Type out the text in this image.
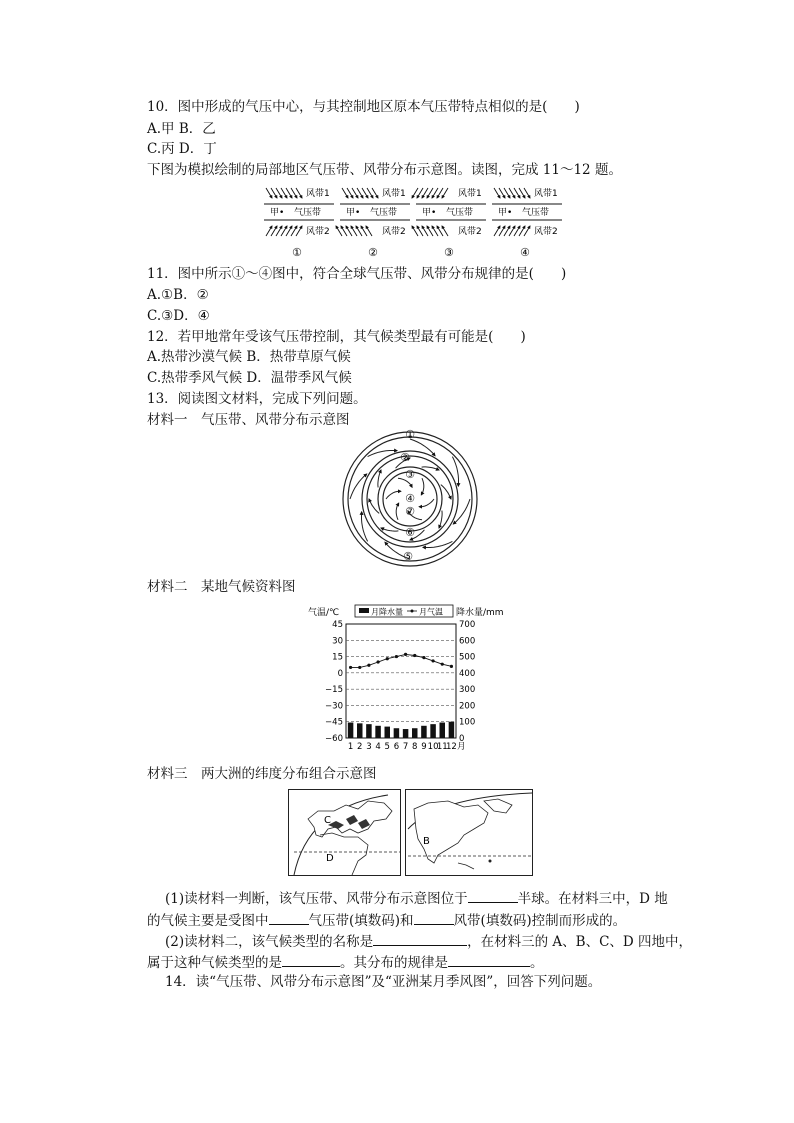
10．图中形成的气压中心，与其控制地区原本气压带特点相似的是(　　)
A.甲 B．乙
C.丙 D．丁
下图为模拟绘制的局部地区气压带、风带分布示意图。读图，完成 11～12 题。
风带1
甲• 气压带
风带2
①
风带1
甲• 气压带
风带2
②
风带1
甲• 气压带
风带2
③
风带1
甲• 气压带
风带2
④
11．图中所示①～④图中，符合全球气压带、风带分布规律的是(　　)
A.①B．②
C.③D．④
12．若甲地常年受该气压带控制，其气候类型最有可能是(　　)
A.热带沙漠气候 B．热带草原气候
C.热带季风气候 D．温带季风气候
13．阅读图文材料，完成下列问题。
材料一　气压带、风带分布示意图
①
②
③
④
⑤
⑥
⑦
材料二　某地气候资料图
45
30
15
0
−15
−30
−45
−60
700
600
500
400
300
200
100
0
气温/℃	降水量/mm
月降水量 月气温
1 2 3 4 5 6 7 8 9 10
11
12 月
材料三　两大洲的纬度分布组合示意图
C
D
B
(1)读材料一判断，该气压带、风带分布示意图位于	半球。在材料三中，D 地
的气候主要是受图中	气压带(填数码)和	风带(填数码)控制而形成的。
(2)读材料二，该气候类型的名称是	，在材料三的 A、B、C、D 四地中，
属于这种气候类型的是	。其分布的规律是	。
14．读“气压带、风带分布示意图”及“亚洲某月季风图”，回答下列问题。
